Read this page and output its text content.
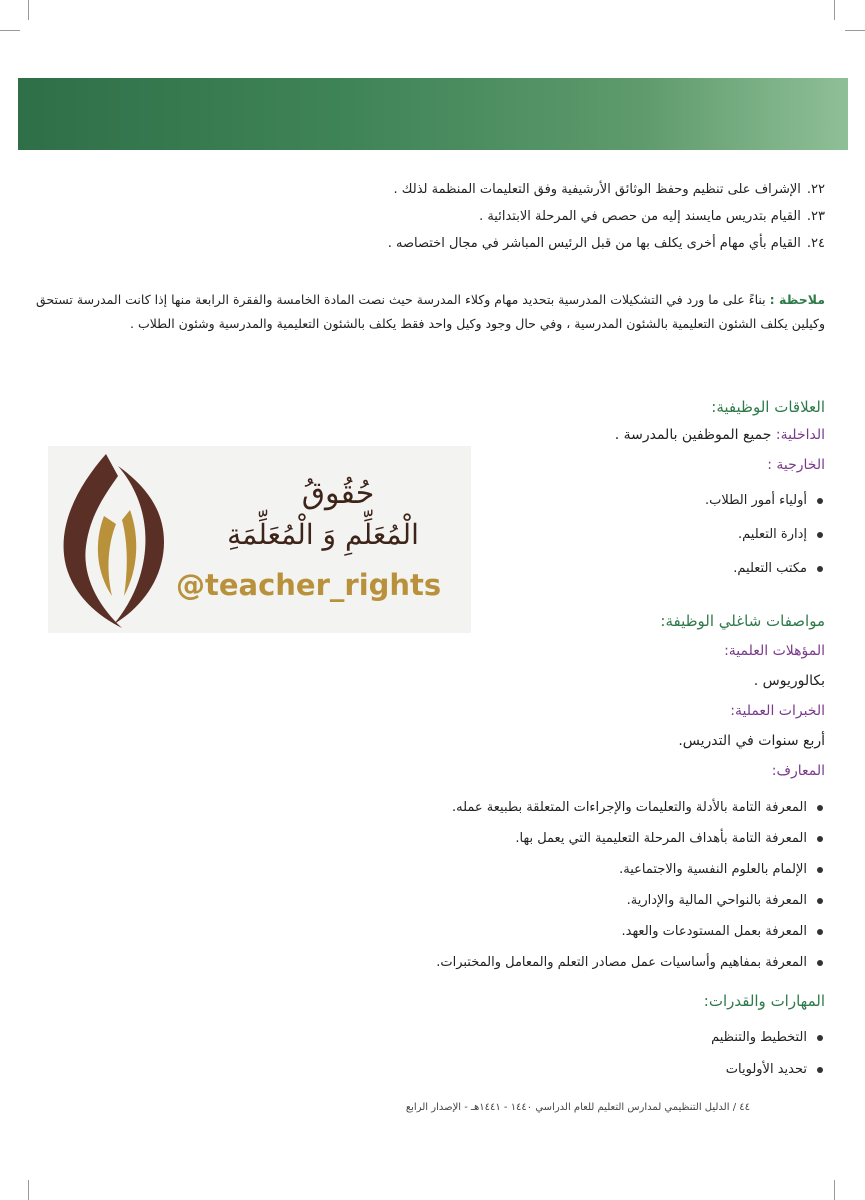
٢٢.الإشراف على تنظيم وحفظ الوثائق الأرشيفية وفق التعليمات المنظمة لذلك .
٢٣.القيام بتدريس مايسند إليه من حصص في المرحلة الابتدائية .
٢٤.القيام بأي مهام أخرى يكلف بها من قبل الرئيس المباشر في مجال اختصاصه .
ملاحظة : بناءً على ما ورد في التشكيلات المدرسية بتحديد مهام وكلاء المدرسة حيث نصت المادة الخامسة والفقرة الرابعة منها إذا كانت المدرسة تستحق وكيلين يكلف الشئون التعليمية بالشئون المدرسية ، وفي حال وجود وكيل واحد فقط يكلف بالشئون التعليمية والمدرسية وشئون الطلاب .
العلاقات الوظيفية:
الداخلية: جميع الموظفين بالمدرسة .
الخارجية :
أولياء أمور الطلاب.
إدارة التعليم.
مكتب التعليم.
حُقُوقُ
الْمُعَلِّمِ وَ الْمُعَلِّمَةِ
@teacher_rights
مواصفات شاغلي الوظيفة:
المؤهلات العلمية:
بكالوريوس .
الخبرات العملية:
أربع سنوات في التدريس.
المعارف:
المعرفة التامة بالأدلة والتعليمات والإجراءات المتعلقة بطبيعة عمله.
المعرفة التامة بأهداف المرحلة التعليمية التي يعمل بها.
الإلمام بالعلوم النفسية والاجتماعية.
المعرفة بالنواحي المالية والإدارية.
المعرفة بعمل المستودعات والعهد.
المعرفة بمفاهيم وأساسيات عمل مصادر التعلم والمعامل والمختبرات.
المهارات والقدرات:
التخطيط والتنظيم
تحديد الأولويات
٤٤ / الدليل التنظيمي لمدارس التعليم للعام الدراسي ١٤٤٠ - ١٤٤١هـ - الإصدار الرابع
